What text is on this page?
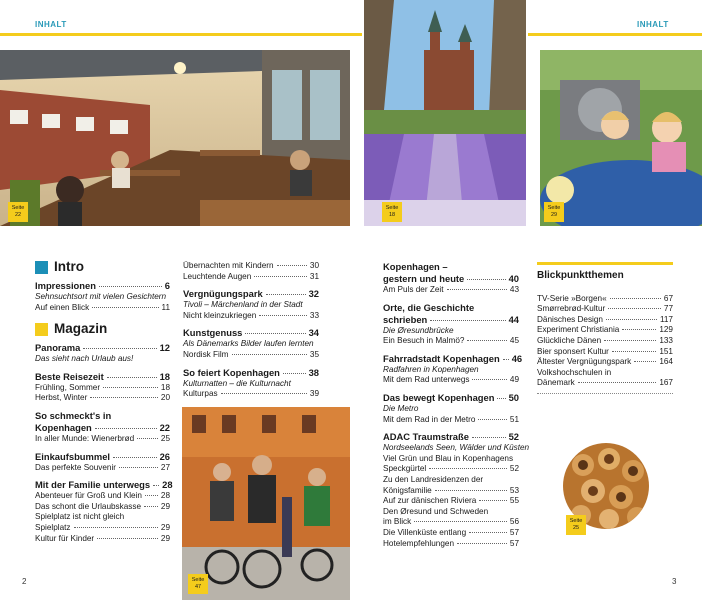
INHALT	INHALT
Seite
22
Seite
18
Seite
29
Seite
47
Seite
25
Intro
Impressionen	6
Sehnsuchtsort mit vielen Gesichtern
Auf einen Blick	11
Magazin
Panorama	12
Das sieht nach Urlaub aus!
Beste Reisezeit	18
Frühling, Sommer	18
Herbst, Winter	20
So schmeckt's in
Kopenhagen	22
In aller Munde: Wienerbrød	25
Einkaufsbummel	26
Das perfekte Souvenir	27
Mit der Familie unterwegs 28
Abenteuer für Groß und Klein 28
Das schont die Urlaubskasse 29
Spielplatz ist nicht gleich
Spielplatz	29
Kultur für Kinder	29
Übernachten mit Kindern	30
Leuchtende Augen	31
Vergnügungspark	32
Tivoli – Märchenland in der Stadt
Nicht kleinzukriegen	33
Kunstgenuss	34
Als Dänemarks Bilder laufen lernten
Nordisk Film	35
So feiert Kopenhagen	38
Kulturnatten – die Kulturnacht
Kulturpas	39
Kopenhagen –
gestern und heute	40
Am Puls der Zeit	43
Orte, die Geschichte
schrieben	44
Die Øresundbrücke
Ein Besuch in Malmö?	45
Fahrradstadt Kopenhagen 46
Radfahren in Kopenhagen
Mit dem Rad unterwegs	49
Das bewegt Kopenhagen 50
Die Metro
Mit dem Rad in der Metro	51
ADAC Traumstraße	52
Nordseelands Seen, Wälder und Küsten
Viel Grün und Blau in Kopenhagens
Speckgürtel	52
Zu den Landresidenzen der
Königsfamilie	53
Auf zur dänischen Riviera	55
Den Øresund und Schweden
im Blick	56
Die Villenküste entlang	57
Hotelempfehlungen	57
Blickpunktthemen
TV-Serie »Borgen«	67
Smørrebrød-Kultur	77
Dänisches Design	117
Experiment Christiania	129
Glückliche Dänen	133
Bier sponsert Kultur	151
Ältester Vergnügungspark	164
Volkshochschulen in
Dänemark	167
2	3
